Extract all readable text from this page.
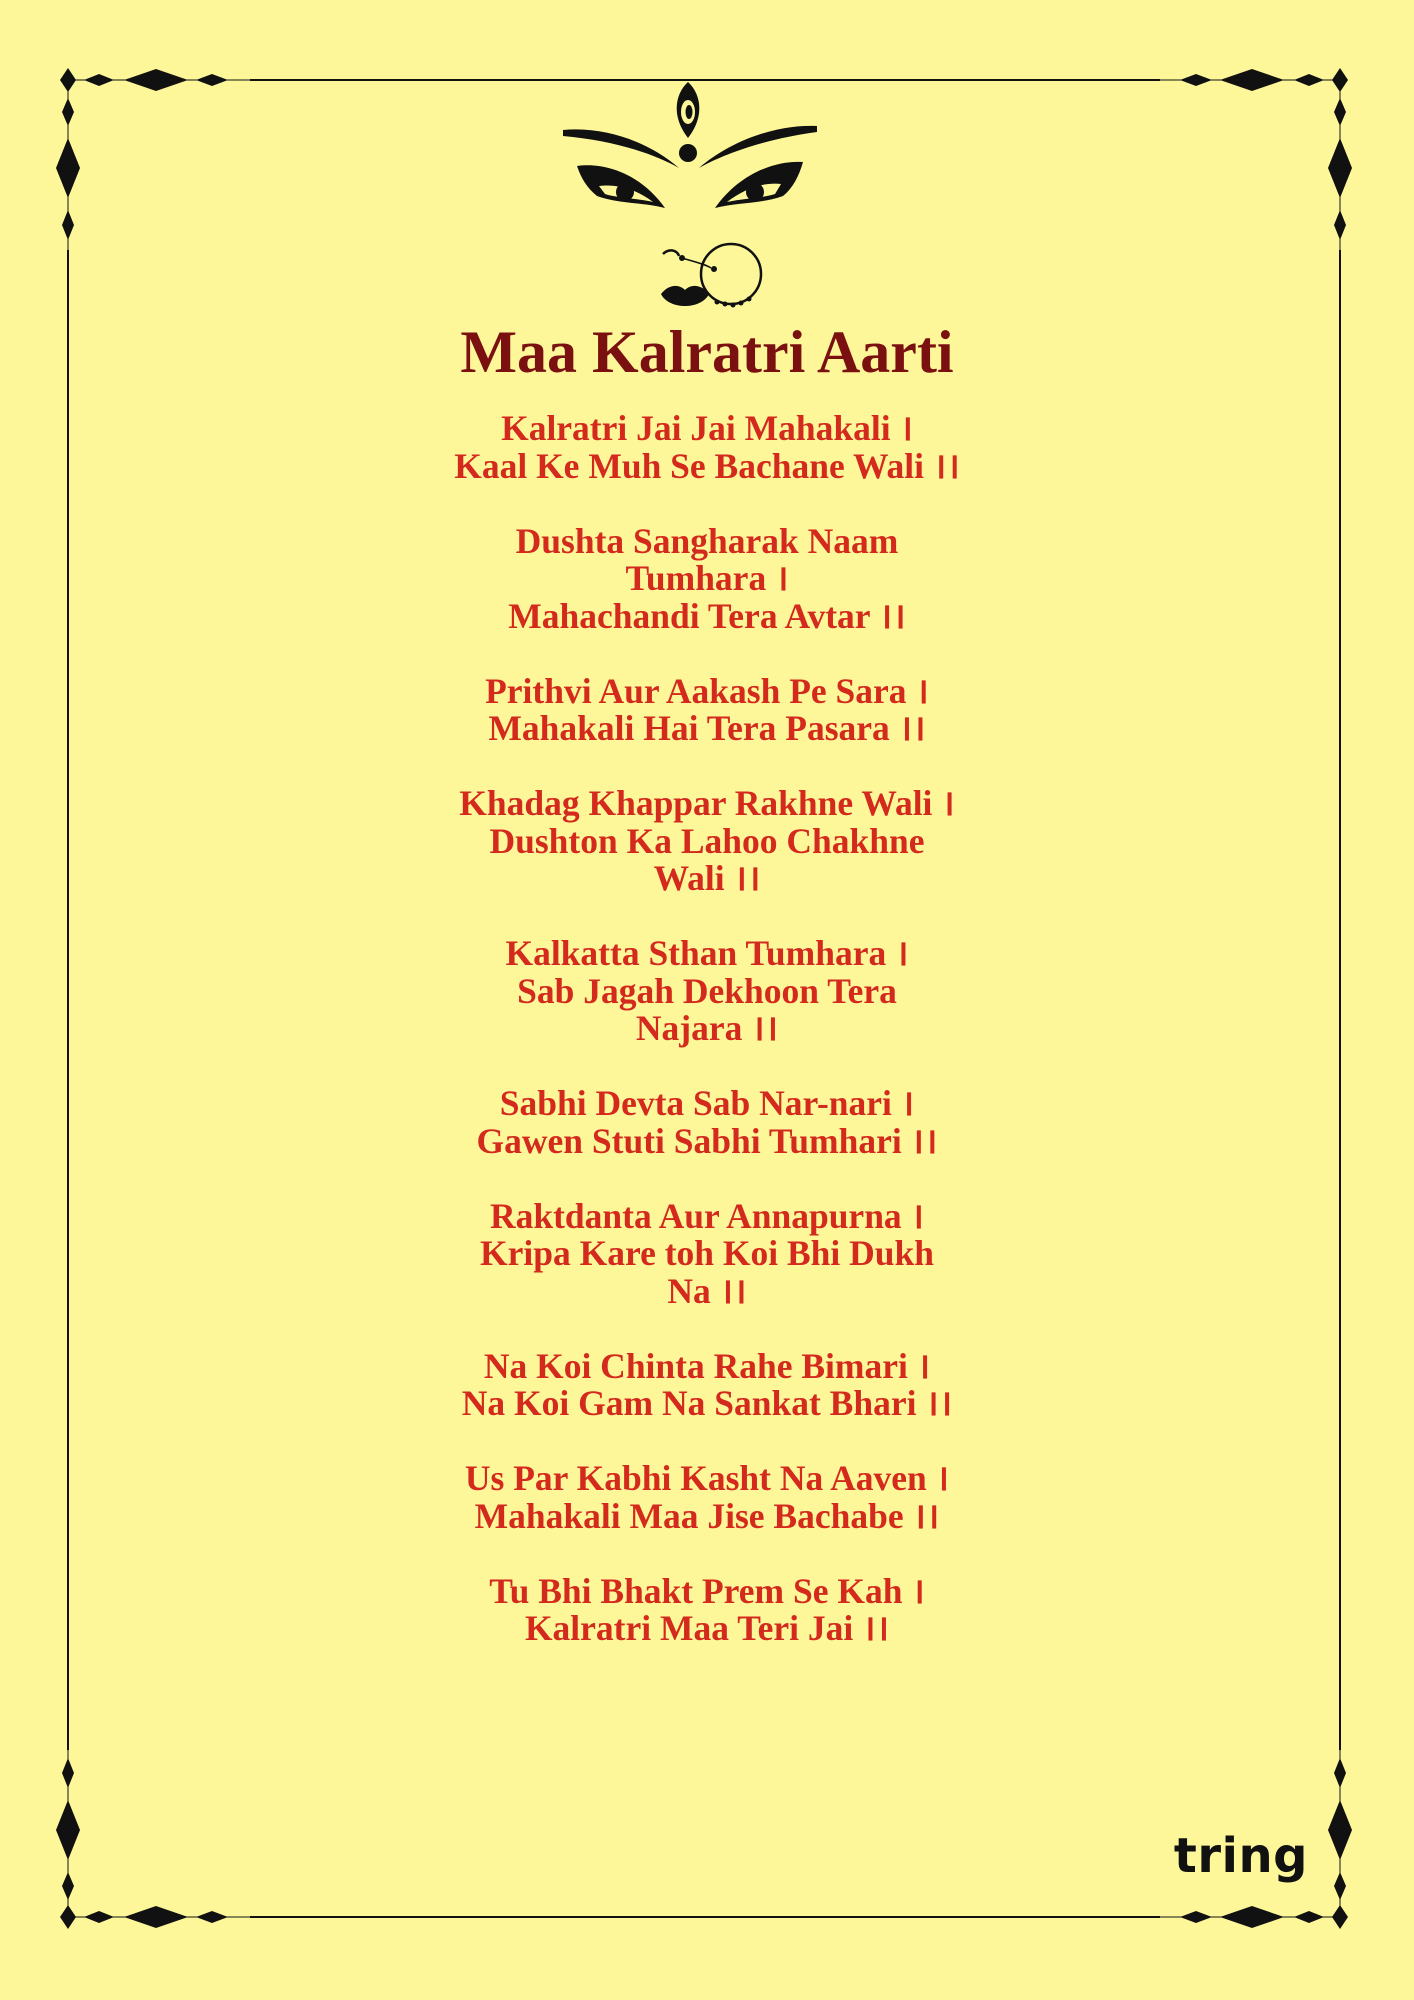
Maa Kalratri Aarti
Kalratri Jai Jai Mahakali ।
Kaal Ke Muh Se Bachane Wali ।।
Dushta Sangharak Naam
Tumhara ।
Mahachandi Tera Avtar ।।
Prithvi Aur Aakash Pe Sara ।
Mahakali Hai Tera Pasara ।।
Khadag Khappar Rakhne Wali ।
Dushton Ka Lahoo Chakhne
Wali ।।
Kalkatta Sthan Tumhara ।
Sab Jagah Dekhoon Tera
Najara ।।
Sabhi Devta Sab Nar-nari ।
Gawen Stuti Sabhi Tumhari ।।
Raktdanta Aur Annapurna ।
Kripa Kare toh Koi Bhi Dukh
Na ।।
Na Koi Chinta Rahe Bimari ।
Na Koi Gam Na Sankat Bhari ।।
Us Par Kabhi Kasht Na Aaven ।
Mahakali Maa Jise Bachabe ।।
Tu Bhi Bhakt Prem Se Kah ।
Kalratri Maa Teri Jai ।।
tring
